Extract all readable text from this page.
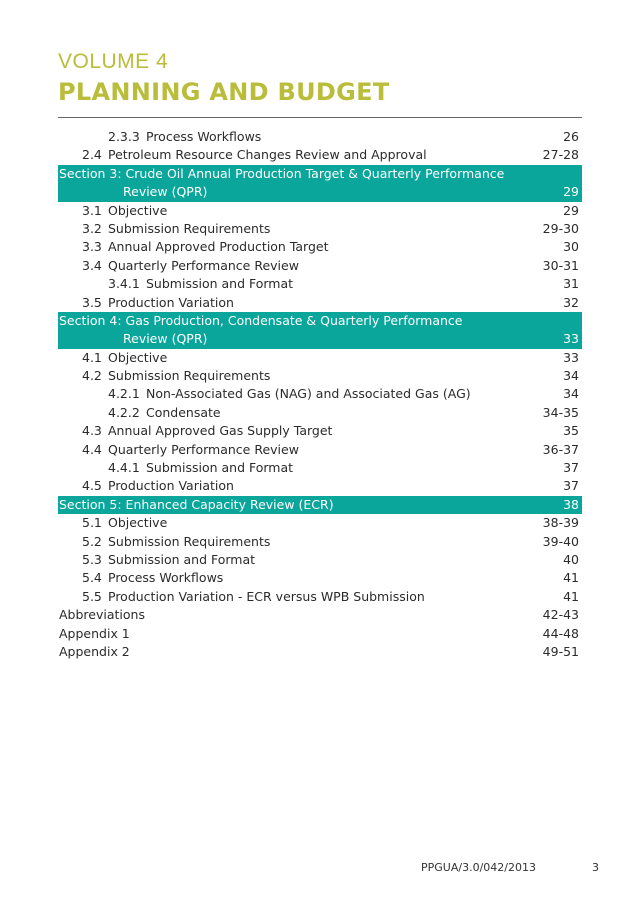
VOLUME 4
PLANNING AND BUDGET
2.3.3 Process Workflows	26
2.4 Petroleum Resource Changes Review and Approval	27-28
Section 3: Crude Oil Annual Production Target & Quarterly Performance
Review (QPR)	29
3.1 Objective	29
3.2 Submission Requirements	29-30
3.3 Annual Approved Production Target	30
3.4 Quarterly Performance Review	30-31
3.4.1 Submission and Format	31
3.5 Production Variation	32
Section 4: Gas Production, Condensate & Quarterly Performance
Review (QPR)	33
4.1 Objective	33
4.2 Submission Requirements	34
4.2.1 Non-Associated Gas (NAG) and Associated Gas (AG)	34
4.2.2 Condensate	34-35
4.3 Annual Approved Gas Supply Target	35
4.4 Quarterly Performance Review	36-37
4.4.1 Submission and Format	37
4.5 Production Variation	37
Section 5: Enhanced Capacity Review (ECR)	38
5.1 Objective	38-39
5.2 Submission Requirements	39-40
5.3 Submission and Format	40
5.4 Process Workflows	41
5.5 Production Variation - ECR versus WPB Submission	41
Abbreviations	42-43
Appendix 1	44-48
Appendix 2	49-51
PPGUA/3.0/042/2013	3
